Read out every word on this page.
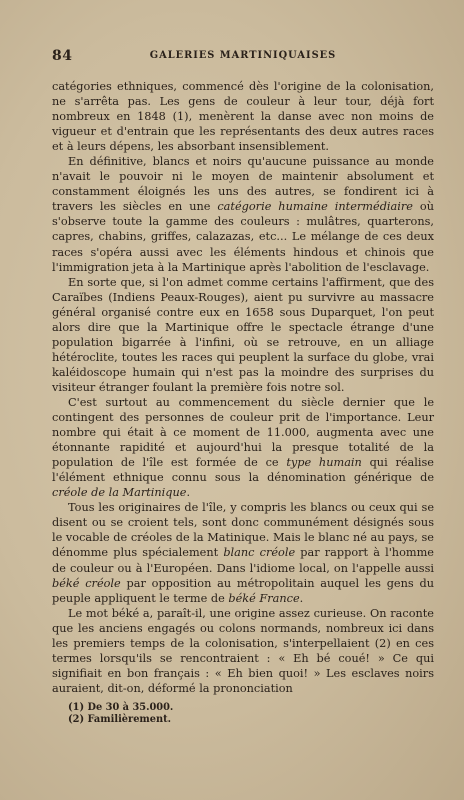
84	GALERIES MARTINIQUAISES

catégories ethniques, commencé dès l'origine de la colonisation, ne s'arrêta pas. Les gens de couleur à leur tour, déjà fort nombreux en 1848 (1), menèrent la danse avec non moins de vigueur et d'entrain que les représentants des deux autres races et à leurs dépens, les absorbant insensiblement.

En définitive, blancs et noirs qu'aucune puissance au monde n'avait le pouvoir ni le moyen de maintenir absolument et constamment éloignés les uns des autres, se fondirent ici à travers les siècles en une catégorie humaine intermédiaire où s'observe toute la gamme des couleurs : mulâtres, quarterons, capres, chabins, griffes, calazazas, etc... Le mélange de ces deux races s'opéra aussi avec les éléments hindous et chinois que l'immigration jeta à la Martinique après l'abolition de l'esclavage.

En sorte que, si l'on admet comme certains l'affirment, que des Caraïbes (Indiens Peaux-Rouges), aient pu survivre au massacre général organisé contre eux en 1658 sous Duparquet, l'on peut alors dire que la Martinique offre le spectacle étrange d'une population bigarrée à l'infini, où se retrouve, en un alliage hétéroclite, toutes les races qui peuplent la surface du globe, vrai kaléidoscope humain qui n'est pas la moindre des surprises du visiteur étranger foulant la première fois notre sol.

C'est surtout au commencement du siècle dernier que le contingent des personnes de couleur prit de l'importance. Leur nombre qui était à ce moment de 11.000, augmenta avec une étonnante rapidité et aujourd'hui la presque totalité de la population de l'île est formée de ce type humain qui réalise l'élément ethnique connu sous la dénomination générique de créole de la Martinique.

Tous les originaires de l'île, y compris les blancs ou ceux qui se disent ou se croient tels, sont donc communément désignés sous le vocable de créoles de la Matinique. Mais le blanc né au pays, se dénomme plus spécialement blanc créole par rapport à l'homme de couleur ou à l'Européen. Dans l'idiome local, on l'appelle aussi béké créole par opposition au métropolitain auquel les gens du peuple appliquent le terme de béké France.

Le mot béké a, paraît-il, une origine assez curieuse. On raconte que les anciens engagés ou colons normands, nombreux ici dans les premiers temps de la colonisation, s'interpellaient (2) en ces termes lorsqu'ils se rencontraient : « Eh bé coué! » Ce qui signifiait en bon français : « Eh bien quoi! » Les esclaves noirs auraient, dit-on, déformé la prononciation

(1) De 30 à 35.000.
(2) Familièrement.
